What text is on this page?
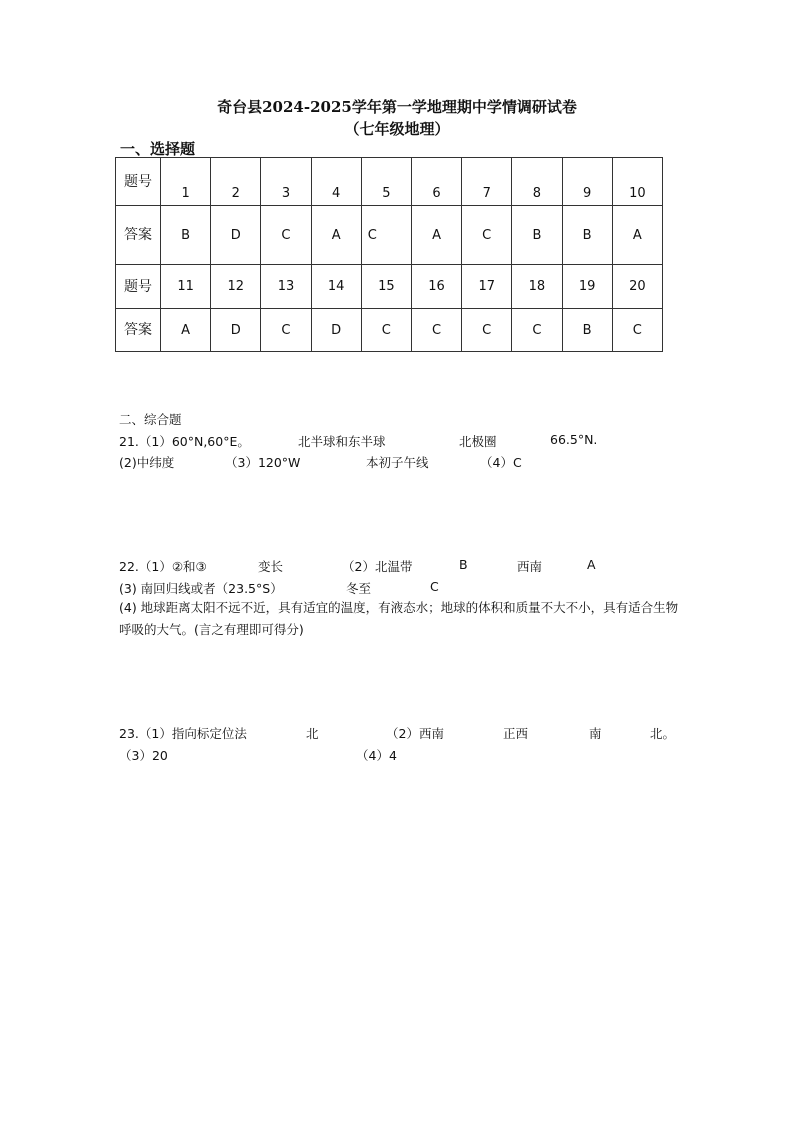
奇台县2024-2025学年第一学地理期中学情调研试卷
（七年级地理）
一、选择题
题号	1	2	3	4	5	6	7	8	9	10
答案	B	D	C	A	C	A	C	B	B	A
题号	11	12	13	14	15	16	17	18	19	20
答案	A	D	C	D	C	C	C	C	B	C
二、综合题
21.（1）60°N,60°E。	北半球和东半球	北极圈	66.5°N.
(2)中纬度	（3）120°W	本初子午线	（4）C
22.（1）②和③	变长	（2）北温带	B	西南	A
(3) 南回归线或者（23.5°S）	冬至	C
(4) 地球距离太阳不远不近，具有适宜的温度，有液态水；地球的体积和质量不大不小，具有适合生物呼吸的大气。(言之有理即可得分)
23.（1）指向标定位法	北	（2）西南	正西	南	北。
（3）20	（4）4
